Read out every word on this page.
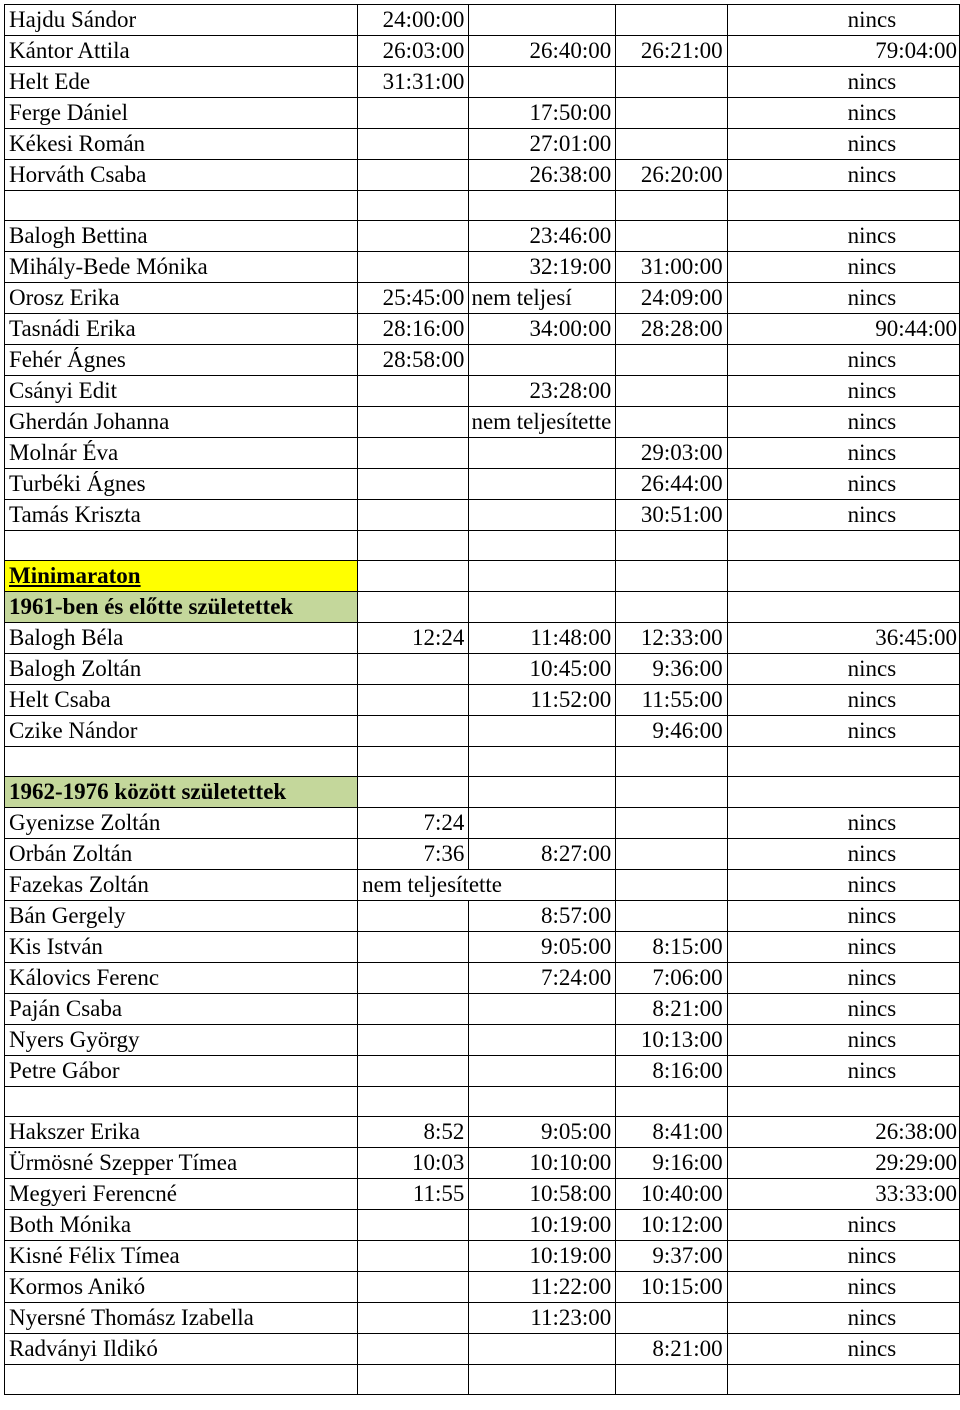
Hajdu Sándor	24:00:00			nincs
Kántor Attila	26:03:00	26:40:00	26:21:00	79:04:00
Helt Ede	31:31:00			nincs
Ferge Dániel		17:50:00		nincs
Kékesi Román		27:01:00		nincs
Horváth Csaba		26:38:00	26:20:00	nincs

Balogh Bettina		23:46:00		nincs
Mihály-Bede Mónika		32:19:00	31:00:00	nincs
Orosz Erika	25:45:00	nem teljesí	24:09:00	nincs
Tasnádi Erika	28:16:00	34:00:00	28:28:00	90:44:00
Fehér Ágnes	28:58:00			nincs
Csányi Edit		23:28:00		nincs
Gherdán Johanna		nem teljesítette		nincs
Molnár Éva			29:03:00	nincs
Turbéki Ágnes			26:44:00	nincs
Tamás Kriszta			30:51:00	nincs

Minimaraton				
1961-ben és előtte születettek				
Balogh Béla	12:24	11:48:00	12:33:00	36:45:00
Balogh Zoltán		10:45:00	9:36:00	nincs
Helt Csaba		11:52:00	11:55:00	nincs
Czike Nándor			9:46:00	nincs

1962-1976 között születettek				
Gyenizse Zoltán	7:24			nincs
Orbán Zoltán	7:36	8:27:00		nincs
Fazekas Zoltán	nem teljesítette			nincs
Bán Gergely		8:57:00		nincs
Kis István		9:05:00	8:15:00	nincs
Kálovics Ferenc		7:24:00	7:06:00	nincs
Paján Csaba			8:21:00	nincs
Nyers György			10:13:00	nincs
Petre Gábor			8:16:00	nincs

Hakszer Erika	8:52	9:05:00	8:41:00	26:38:00
Ürmösné Szepper Tímea	10:03	10:10:00	9:16:00	29:29:00
Megyeri Ferencné	11:55	10:58:00	10:40:00	33:33:00
Both Mónika		10:19:00	10:12:00	nincs
Kisné Félix Tímea		10:19:00	9:37:00	nincs
Kormos Anikó		11:22:00	10:15:00	nincs
Nyersné Thomász Izabella		11:23:00		nincs
Radványi Ildikó			8:21:00	nincs
